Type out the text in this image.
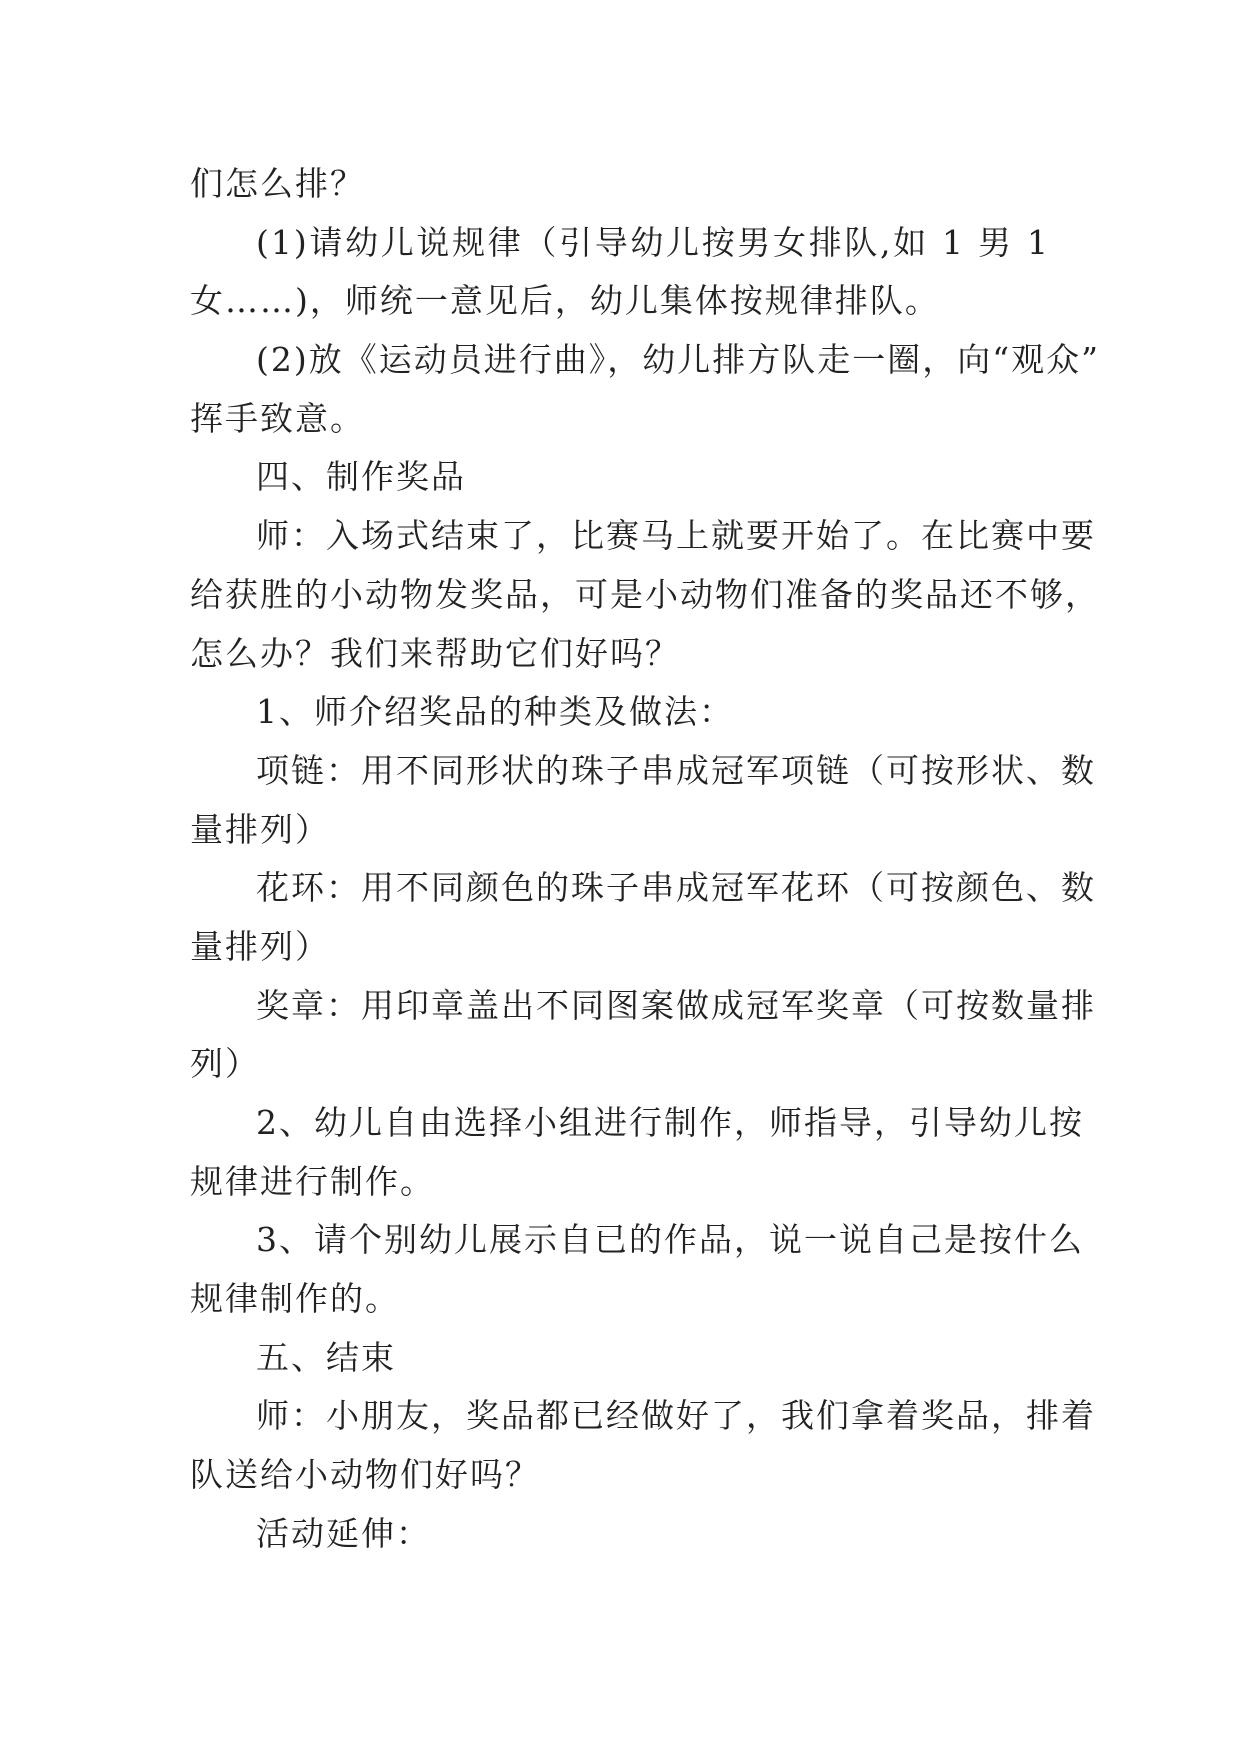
们怎么排？
(1)请幼儿说规律（引导幼儿按男女排队,如 1 男 1
女……)，师统一意见后，幼儿集体按规律排队。
(2)放《运动员进行曲》，幼儿排方队走一圈，向“观众”
挥手致意。
四、制作奖品
师：入场式结束了，比赛马上就要开始了。在比赛中要
给获胜的小动物发奖品，可是小动物们准备的奖品还不够，
怎么办？我们来帮助它们好吗？
1、师介绍奖品的种类及做法：
项链：用不同形状的珠子串成冠军项链（可按形状、数
量排列）
花环：用不同颜色的珠子串成冠军花环（可按颜色、数
量排列）
奖章：用印章盖出不同图案做成冠军奖章（可按数量排
列）
2、幼儿自由选择小组进行制作，师指导，引导幼儿按
规律进行制作。
3、请个别幼儿展示自已的作品，说一说自己是按什么
规律制作的。
五、结束
师：小朋友，奖品都已经做好了，我们拿着奖品，排着
队送给小动物们好吗？
活动延伸：
